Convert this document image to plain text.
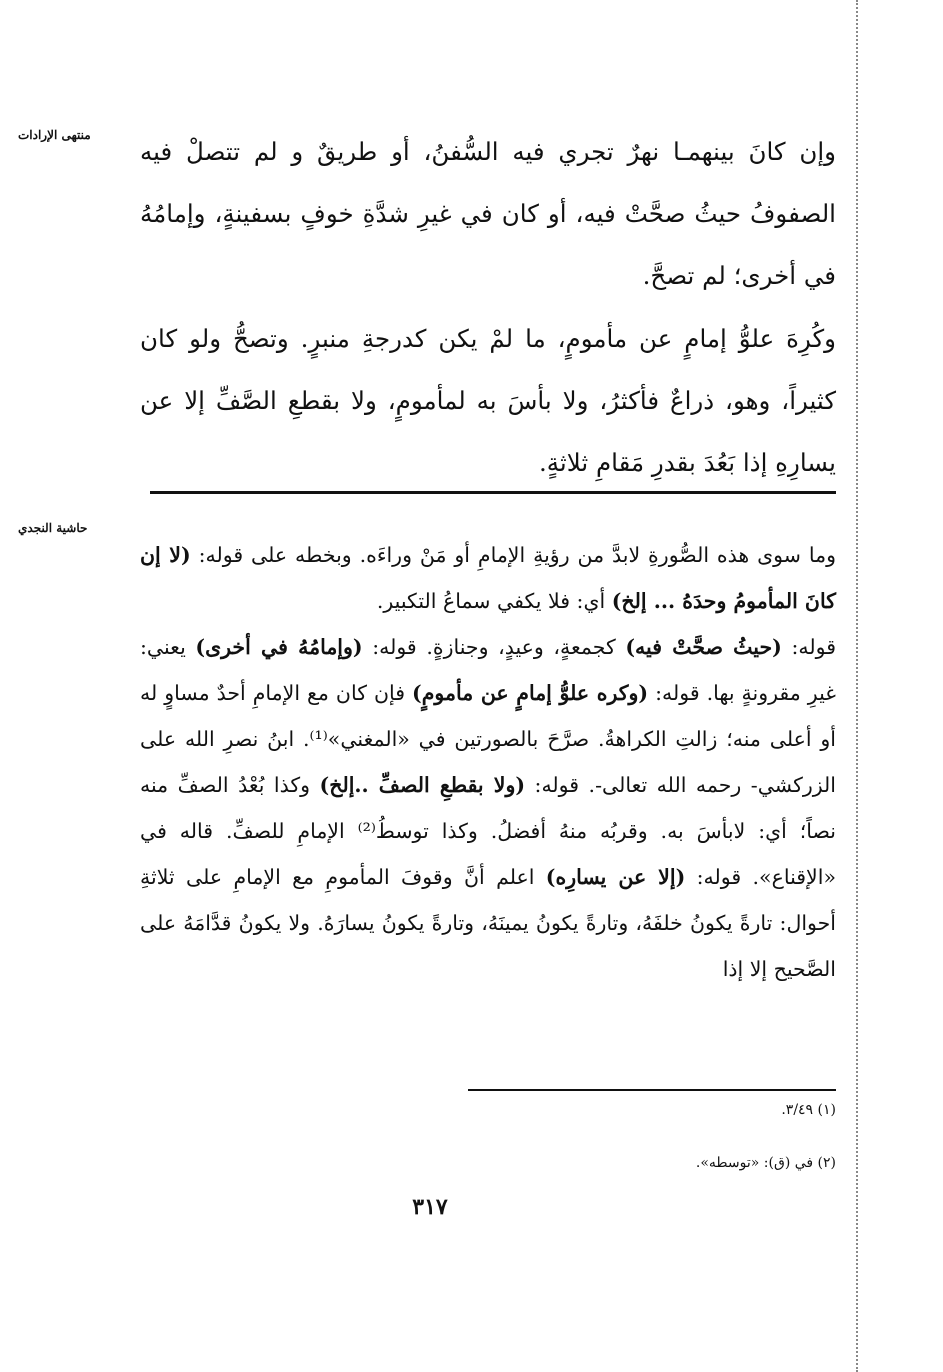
منتهى الإرادات
حاشية النجدي

وإن كانَ بينهمـا نهرٌ تجري فيه السُّفنُ، أو طريقٌ و لم تتصلْ فيه الصفوفُ حيثُ صحَّتْ فيه، أو كان في غيرِ شدَّةِ خوفٍ بسفينةٍ، وإمامُهُ في أخرى؛ لم تصحَّ.

وكُرِهَ علوُّ إمامٍ عن مأمومٍ، ما لمْ يكن كدرجةِ منبرٍ. وتصحُّ ولو كان كثيراً، وهو، ذراعٌ فأكثرُ، ولا بأسَ به لمأمومٍ، ولا بقطعِ الصَّفِّ إلا عن يسارِهِ إذا بَعُدَ بقدرِ مَقامِ ثلاثةٍ.

وما سوى هذه الصُّورةِ لابدَّ من رؤيةِ الإمامِ أو مَنْ وراءَه. وبخطه على قوله: (لا إن كانَ المأمومُ وحدَهُ ... إلخ) أي: فلا يكفي سماعُ التكبير.
قوله: (حيثُ صحَّتْ فيه) كجمعةٍ، وعيدٍ، وجنازةٍ. قوله: (وإمامُهُ في أخرى) يعني: غيرِ مقرونةٍ بها. قوله: (وكره علوُّ إمامٍ عن مأمومٍ) فإن كان مع الإمامِ أحدٌ مساوٍ له أو أعلى منه؛ زالتِ الكراهةُ. صرَّحَ بالصورتين في «المغني»⁽¹⁾. ابنُ نصرِ الله على الزركشي- رحمه الله تعالى-. قوله: (ولا بقطعِ الصفِّ ..إلخ) وكذا بُعْدُ الصفِّ منه نصاً؛ أي: لابأسَ به. وقربُه منهُ أفضلُ. وكذا توسطُ⁽²⁾ الإمامِ للصفِّ. قاله في «الإقناع». قوله: (إلا عن يسارِه) اعلم أنَّ وقوفَ المأمومِ مع الإمامِ على ثلاثةِ أحوال: تارةً يكونُ خلفَهُ، وتارةً يكونُ يمينَهُ، وتارةً يكونُ يسارَهُ. ولا يكونُ قدَّامَهُ على الصَّحيح إلا إذا

(١) ٣/٤٩.

(٢) في (ق): «توسطه».

٣١٧
